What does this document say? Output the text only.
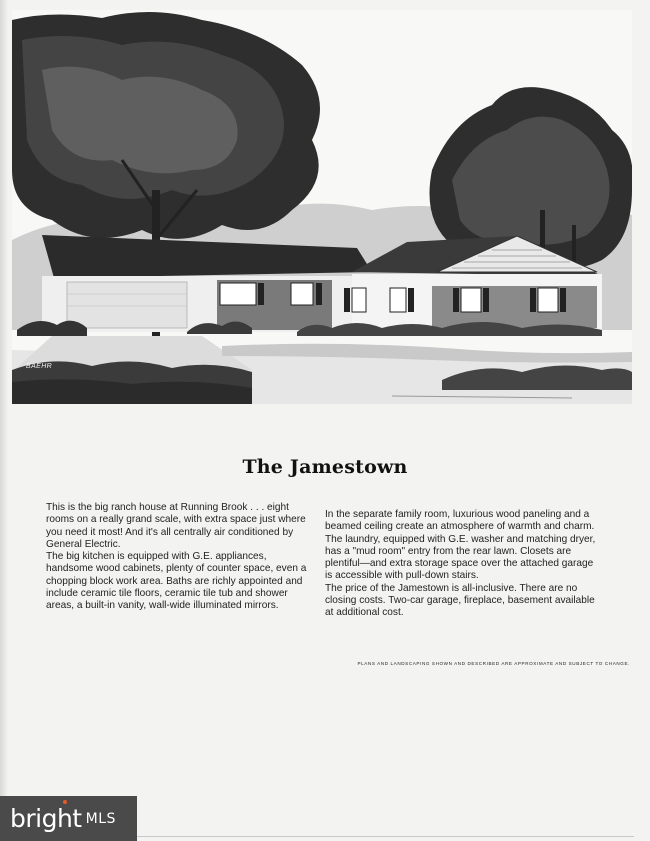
BAEHR
The Jamestown

This is the big ranch house at Running Brook . . . eight rooms on a really grand scale, with extra space just where you need it most! And it's all centrally air conditioned by General Electric.

The big kitchen is equipped with G.E. appliances, handsome wood cabinets, plenty of counter space, even a chopping block work area. Baths are richly appointed and include ceramic tile floors, ceramic tile tub and shower areas, a built-in vanity, wall-wide illuminated mirrors.

In the separate family room, luxurious wood paneling and a beamed ceiling create an atmosphere of warmth and charm. The laundry, equipped with G.E. washer and matching dryer, has a "mud room" entry from the rear lawn. Closets are plentiful—and extra storage space over the attached garage is accessible with pull-down stairs.

The price of the Jamestown is all-inclusive. There are no closing costs. Two-car garage, fireplace, basement available at additional cost.

PLANS AND LANDSCAPING SHOWN AND DESCRIBED ARE APPROXIMATE AND SUBJECT TO CHANGE.
bright MLS
